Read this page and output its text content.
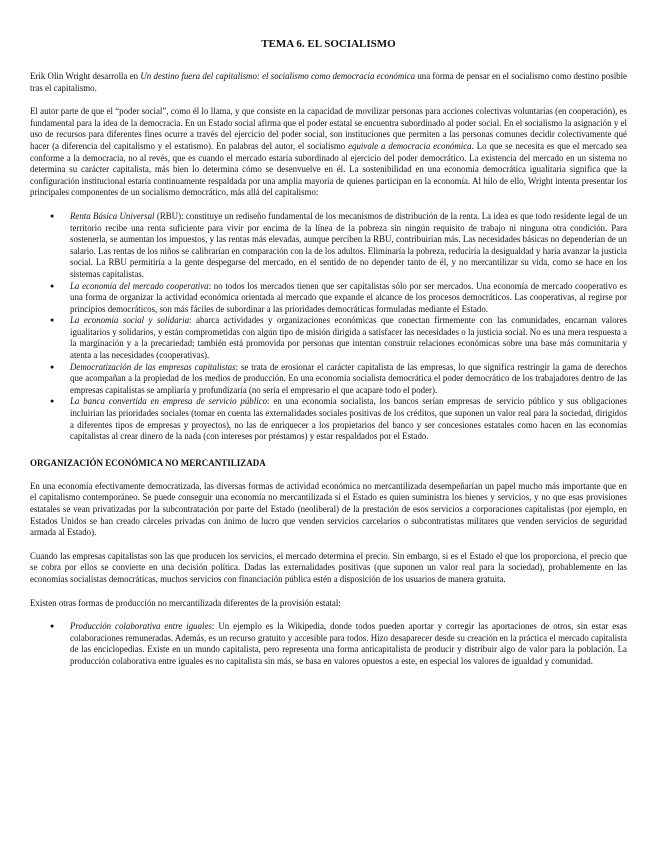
TEMA 6. EL SOCIALISMO

Erik Olin Wright desarrolla en Un destino fuera del capitalismo: el socialismo como democracia económica una forma de pensar en el socialismo como destino posible tras el capitalismo.

El autor parte de que el “poder social”, como él lo llama, y que consiste en la capacidad de movilizar personas para acciones colectivas voluntarias (en cooperación), es fundamental para la idea de la democracia. En un Estado social afirma que el poder estatal se encuentra subordinado al poder social. En el socialismo la asignación y el uso de recursos para diferentes fines ocurre a través del ejercicio del poder social, son instituciones que permiten a las personas comunes decidir colectivamente qué hacer (a diferencia del capitalismo y el estatismo). En palabras del autor, el socialismo equivale a democracia económica. Lo que se necesita es que el mercado sea conforme a la democracia, no al revés, que es cuando el mercado estaría subordinado al ejercicio del poder democrático. La existencia del mercado en un sistema no determina su carácter capitalista, más bien lo determina cómo se desenvuelve en él. La sostenibilidad en una economía democrática igualitaria significa que la configuración institucional estaría continuamente respaldada por una amplia mayoría de quienes participan en la economía. Al hilo de ello, Wright intenta presentar los principales componentes de un socialismo democrático, más allá del capitalismo:

● Renta Básica Universal (RBU): constituye un rediseño fundamental de los mecanismos de distribución de la renta. La idea es que todo residente legal de un territorio recibe una renta suficiente para vivir por encima de la línea de la pobreza sin ningún requisito de trabajo ni ninguna otra condición. Para sostenerla, se aumentan los impuestos, y las rentas más elevadas, aunque perciben la RBU, contribuirían más. Las necesidades básicas no dependerían de un salario. Las rentas de los niños se calibrarían en comparación con la de los adultos. Eliminaría la pobreza, reduciría la desigualdad y haría avanzar la justicia social. La RBU permitiría a la gente despegarse del mercado, en el sentido de no depender tanto de él, y no mercantilizar su vida, como se hace en los sistemas capitalistas.
● La economía del mercado cooperativa: no todos los mercados tienen que ser capitalistas sólo por ser mercados. Una economía de mercado cooperativo es una forma de organizar la actividad económica orientada al mercado que expande el alcance de los procesos democráticos. Las cooperativas, al regirse por principios democráticos, son más fáciles de subordinar a las prioridades democráticas formuladas mediante el Estado.
● La economía social y solidaria: abarca actividades y organizaciones económicas que conectan firmemente con las comunidades, encarnan valores igualitarios y solidarios, y están comprometidas con algún tipo de misión dirigida a satisfacer las necesidades o la justicia social. No es una mera respuesta a la marginación y a la precariedad; también está promovida por personas que intentan construir relaciones económicas sobre una base más comunitaria y atenta a las necesidades (cooperativas).
● Democratización de las empresas capitalistas: se trata de erosionar el carácter capitalista de las empresas, lo que significa restringir la gama de derechos que acompañan a la propiedad de los medios de producción. En una economía socialista democrática el poder democrático de los trabajadores dentro de las empresas capitalistas se ampliaría y profundizaría (no sería el empresario el que acapare todo el poder).
● La banca convertida en empresa de servicio público: en una economía socialista, los bancos serían empresas de servicio público y sus obligaciones incluirían las prioridades sociales (tomar en cuenta las externalidades sociales positivas de los créditos, que suponen un valor real para la sociedad, dirigidos a diferentes tipos de empresas y proyectos), no las de enriquecer a los propietarios del banco y ser concesiones estatales como hacen en las economías capitalistas al crear dinero de la nada (con intereses por préstamos) y estar respaldados por el Estado.
ORGANIZACIÓN ECONÓMICA NO MERCANTILIZADA

En una economía efectivamente democratizada, las diversas formas de actividad económica no mercantilizada desempeñarían un papel mucho más importante que en el capitalismo contemporáneo. Se puede conseguir una economía no mercantilizada si el Estado es quien suministra los bienes y servicios, y no que esas provisiones estatales se vean privatizadas por la subcontratación por parte del Estado (neoliberal) de la prestación de esos servicios a corporaciones capitalistas (por ejemplo, en Estados Unidos se han creado cárceles privadas con ánimo de lucro que venden servicios carcelarios o subcontratistas militares que venden servicios de seguridad armada al Estado).

Cuando las empresas capitalistas son las que producen los servicios, el mercado determina el precio. Sin embargo, si es el Estado el que los proporciona, el precio que se cobra por ellos se convierte en una decisión política. Dadas las externalidades positivas (que suponen un valor real para la sociedad), probablemente en las economías socialistas democráticas, muchos servicios con financiación pública estén a disposición de los usuarios de manera gratuita.

Existen otras formas de producción no mercantilizada diferentes de la provisión estatal:

● Producción colaborativa entre iguales: Un ejemplo es la Wikipedia, donde todos pueden aportar y corregir las aportaciones de otros, sin estar esas colaboraciones remuneradas. Además, es un recurso gratuito y accesible para todos. Hizo desaparecer desde su creación en la práctica el mercado capitalista de las enciclopedias. Existe en un mundo capitalista, pero representa una forma anticapitalista de producir y distribuir algo de valor para la población. La producción colaborativa entre iguales es no capitalista sin más, se basa en valores opuestos a este, en especial los valores de igualdad y comunidad.
